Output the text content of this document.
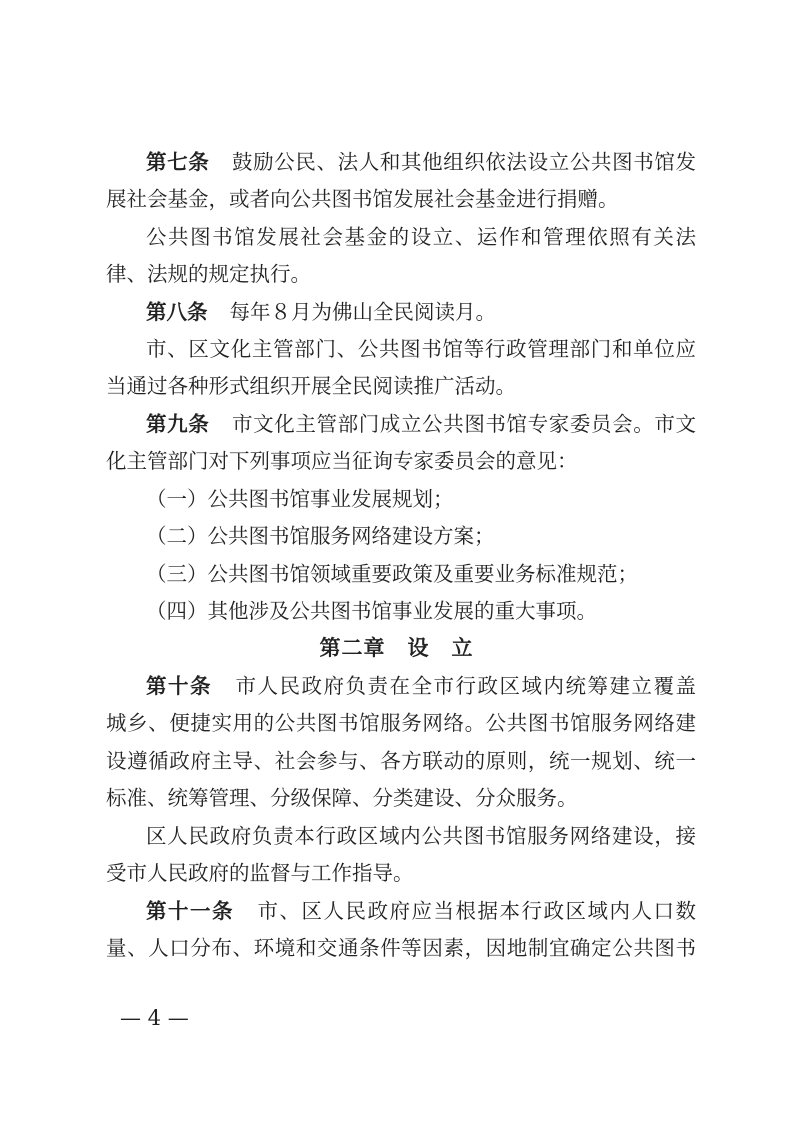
第七条 鼓励公民、法人和其他组织依法设立公共图书馆发
展社会基金，或者向公共图书馆发展社会基金进行捐赠。
公共图书馆发展社会基金的设立、运作和管理依照有关法
律、法规的规定执行。
第八条 每年８月为佛山全民阅读月。
市、区文化主管部门、公共图书馆等行政管理部门和单位应
当通过各种形式组织开展全民阅读推广活动。
第九条 市文化主管部门成立公共图书馆专家委员会。市文
化主管部门对下列事项应当征询专家委员会的意见：
（一）公共图书馆事业发展规划；
（二）公共图书馆服务网络建设方案；
（三）公共图书馆领域重要政策及重要业务标准规范；
（四）其他涉及公共图书馆事业发展的重大事项。
第二章　设　立
第十条 市人民政府负责在全市行政区域内统筹建立覆盖
城乡、便捷实用的公共图书馆服务网络。公共图书馆服务网络建
设遵循政府主导、社会参与、各方联动的原则，统一规划、统一
标准、统筹管理、分级保障、分类建设、分众服务。
区人民政府负责本行政区域内公共图书馆服务网络建设，接
受市人民政府的监督与工作指导。
第十一条 市、区人民政府应当根据本行政区域内人口数
量、人口分布、环境和交通条件等因素，因地制宜确定公共图书
— 4 —
